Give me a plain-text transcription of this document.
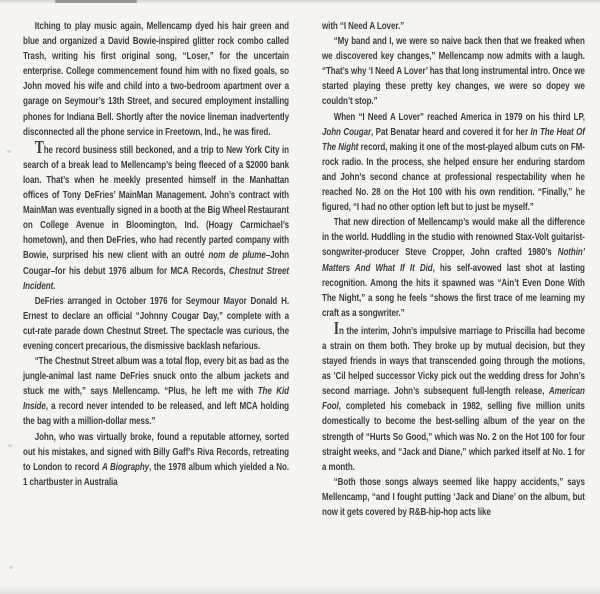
Itching to play music again, Mellencamp dyed his hair green and blue and organized a David Bowie-inspired glitter rock combo called Trash, writing his first original song, “Loser,” for the uncertain enterprise. College commencement found him with no fixed goals, so John moved his wife and child into a two-bedroom apartment over a garage on Seymour’s 13th Street, and secured employment installing phones for Indiana Bell. Shortly after the novice lineman inadvertently disconnected all the phone service in Freetown, Ind., he was fired.

The record business still beckoned, and a trip to New York City in search of a break lead to Mellencamp’s being fleeced of a $2000 bank loan. That’s when he meekly presented himself in the Manhattan offices of Tony DeFries’ MainMan Management. John’s contract with MainMan was eventually signed in a booth at the Big Wheel Restaurant on College Avenue in Bloomington, Ind. (Hoagy Carmichael’s hometown), and then DeFries, who had recently parted company with Bowie, surprised his new client with an outré nom de plume–John Cougar–for his debut 1976 album for MCA Records, Chestnut Street Incident.

DeFries arranged in October 1976 for Seymour Mayor Donald H. Ernest to declare an official “Johnny Cougar Day,” complete with a cut-rate parade down Chestnut Street. The spectacle was curious, the evening concert precarious, the dismissive backlash nefarious.

“The Chestnut Street album was a total flop, every bit as bad as the jungle-animal last name DeFries snuck onto the album jackets and stuck me with,” says Mellencamp. “Plus, he left me with The Kid Inside, a record never intended to be released, and left MCA holding the bag with a million-dollar mess.”

John, who was virtually broke, found a reputable attorney, sorted out his mistakes, and signed with Billy Gaff’s Riva Records, retreating to London to record A Biography, the 1978 album which yielded a No. 1 chartbuster in Australia

with “I Need A Lover.”

“My band and I, we were so naive back then that we freaked when we discovered key changes,” Mellencamp now admits with a laugh. “That’s why ‘I Need A Lover’ has that long instrumental intro. Once we started playing these pretty key changes, we were so dopey we couldn’t stop.”

When “I Need A Lover” reached America in 1979 on his third LP, John Cougar, Pat Benatar heard and covered it for her In The Heat Of The Night record, making it one of the most-played album cuts on FM-rock radio. In the process, she helped ensure her enduring stardom and John’s second chance at professional respectability when he reached No. 28 on the Hot 100 with his own rendition. “Finally,” he figured, “I had no other option left but to just be myself.”

That new direction of Mellencamp’s would make all the difference in the world. Huddling in the studio with renowned Stax-Volt guitarist-songwriter-producer Steve Cropper, John crafted 1980’s Nothin’ Matters And What If It Did, his self-avowed last shot at lasting recognition. Among the hits it spawned was “Ain’t Even Done With The Night,” a song he feels “shows the first trace of me learning my craft as a songwriter.”

In the interim, John’s impulsive marriage to Priscilla had become a strain on them both. They broke up by mutual decision, but they stayed friends in ways that transcended going through the motions, as ’Cil helped successor Vicky pick out the wedding dress for John’s second marriage. John’s subsequent full-length release, American Fool, completed his comeback in 1982, selling five million units domestically to become the best-selling album of the year on the strength of “Hurts So Good,” which was No. 2 on the Hot 100 for four straight weeks, and “Jack and Diane,” which parked itself at No. 1 for a month.

“Both those songs always seemed like happy accidents,” says Mellencamp, “and I fought putting ‘Jack and Diane’ on the album, but now it gets covered by R&B-hip-hop acts like
